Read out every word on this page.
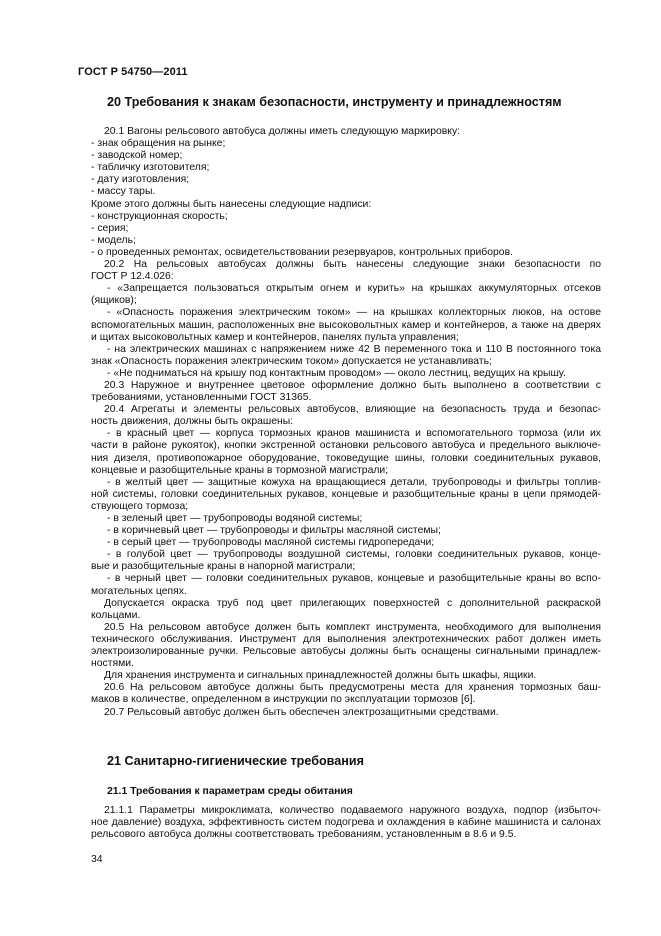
ГОСТ Р 54750—2011
20 Требования к знакам безопасности, инструменту и принадлежностям
20.1 Вагоны рельсового автобуса должны иметь следующую маркировку:
- знак обращения на рынке;
- заводской номер;
- табличку изготовителя;
- дату изготовления;
- массу тары.
Кроме этого должны быть нанесены следующие надписи:
- конструкционная скорость;
- серия;
- модель;
- о проведенных ремонтах, освидетельствовании резервуаров, контрольных приборов.
20.2 На рельсовых автобусах должны быть нанесены следующие знаки безопасности по
ГОСТ Р 12.4.026:
- «Запрещается пользоваться открытым огнем и курить» на крышках аккумуляторных отсеков
(ящиков);
- «Опасность поражения электрическим током» — на крышках коллекторных люков, на остове
вспомогательных машин, расположенных вне высоковольтных камер и контейнеров, а также на дверях
и щитах высоковольтных камер и контейнеров, панелях пульта управления;
- на электрических машинах с напряжением ниже 42 В переменного тока и 110 В постоянного тока
знак «Опасность поражения электрическим током» допускается не устанавливать;
- «Не подниматься на крышу под контактным проводом» — около лестниц, ведущих на крышу.
20.3 Наружное и внутреннее цветовое оформление должно быть выполнено в соответствии с
требованиями, установленными ГОСТ 31365.
20.4 Агрегаты и элементы рельсовых автобусов, влияющие на безопасность труда и безопас-
ность движения, должны быть окрашены:
- в красный цвет — корпуса тормозных кранов машиниста и вспомогательного тормоза (или их
части в районе рукояток), кнопки экстренной остановки рельсового автобуса и предельного выключе-
ния дизеля, противопожарное оборудование, токоведущие шины, головки соединительных рукавов,
концевые и разобщительные краны в тормозной магистрали;
- в желтый цвет — защитные кожуха на вращающиеся детали, трубопроводы и фильтры топлив-
ной системы, головки соединительных рукавов, концевые и разобщительные краны в цепи прямодей-
ствующего тормоза;
- в зеленый цвет — трубопроводы водяной системы;
- в коричневый цвет — трубопроводы и фильтры масляной системы;
- в серый цвет — трубопроводы масляной системы гидропередачи;
- в голубой цвет — трубопроводы воздушной системы, головки соединительных рукавов, конце-
вые и разобщительные краны в напорной магистрали;
- в черный цвет — головки соединительных рукавов, концевые и разобщительные краны во вспо-
могательных цепях.
Допускается окраска труб под цвет прилегающих поверхностей с дополнительной раскраской
кольцами.
20.5 На рельсовом автобусе должен быть комплект инструмента, необходимого для выполнения
технического обслуживания. Инструмент для выполнения электротехнических работ должен иметь
электроизолированные ручки. Рельсовые автобусы должны быть оснащены сигнальными принадлеж-
ностями.
Для хранения инструмента и сигнальных принадлежностей должны быть шкафы, ящики.
20.6 На рельсовом автобусе должны быть предусмотрены места для хранения тормозных баш-
маков в количестве, определенном в инструкции по эксплуатации тормозов [6].
20.7 Рельсовый автобус должен быть обеспечен электрозащитными средствами.
21 Санитарно-гигиенические требования
21.1 Требования к параметрам среды обитания
21.1.1 Параметры микроклимата, количество подаваемого наружного воздуха, подпор (избыточ-
ное давление) воздуха, эффективность систем подогрева и охлаждения в кабине машиниста и салонах
рельсового автобуса должны соответствовать требованиям, установленным в 8.6 и 9.5.
34
